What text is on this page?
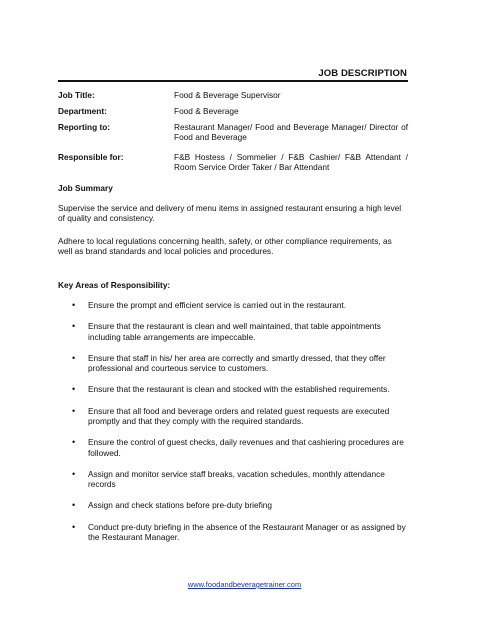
JOB DESCRIPTION
Job Title:	Food & Beverage Supervisor
Department:	Food & Beverage
Reporting to:	Restaurant Manager/ Food and Beverage Manager/ Director of Food and Beverage
Responsible for:	F&B Hostess / Sommelier / F&B Cashier/ F&B Attendant / Room Service Order Taker / Bar Attendant
Job Summary
Supervise the service and delivery of menu items in assigned restaurant ensuring a high level of quality and consistency.
Adhere to local regulations concerning health, safety, or other compliance requirements, as well as brand standards and local policies and procedures.
Key Areas of Responsibility:
• Ensure the prompt and efficient service is carried out in the restaurant.
• Ensure that the restaurant is clean and well maintained, that table appointments including table arrangements are impeccable.
• Ensure that staff in his/ her area are correctly and smartly dressed, that they offer professional and courteous service to customers.
• Ensure that the restaurant is clean and stocked with the established requirements.
• Ensure that all food and beverage orders and related guest requests are executed promptly and that they comply with the required standards.
• Ensure the control of guest checks, daily revenues and that cashiering procedures are followed.
• Assign and monitor service staff breaks, vacation schedules, monthly attendance records
• Assign and check stations before pre-duty briefing
• Conduct pre-duty briefing in the absence of the Restaurant Manager or as assigned by the Restaurant Manager.
www.foodandbeveragetrainer.com
